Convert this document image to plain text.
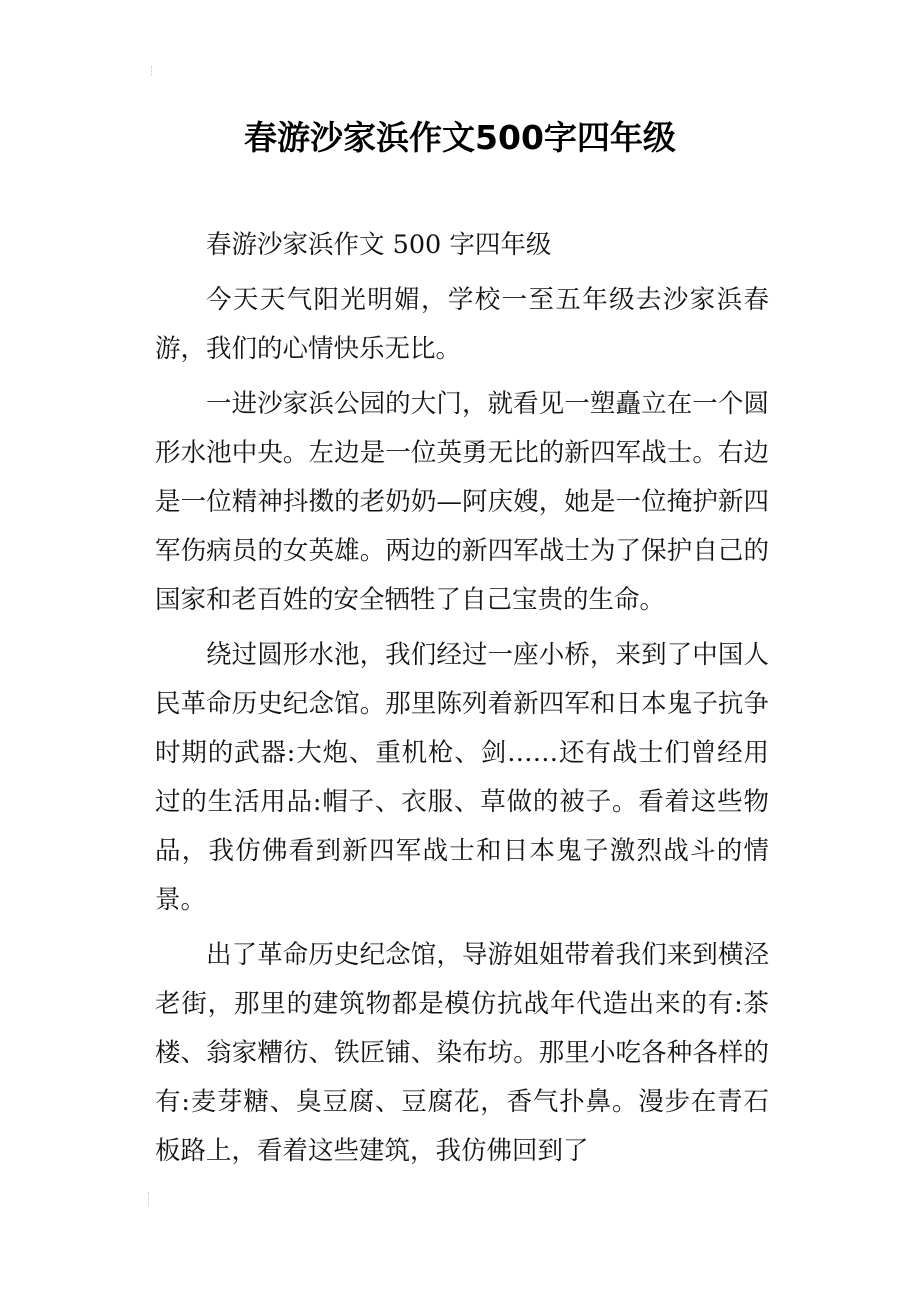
春游沙家浜作文500字四年级

春游沙家浜作文 500 字四年级

今天天气阳光明媚，学校一至五年级去沙家浜春游，我们的心情快乐无比。

一进沙家浜公园的大门，就看见一塑矗立在一个圆形水池中央。左边是一位英勇无比的新四军战士。右边是一位精神抖擞的老奶奶—阿庆嫂，她是一位掩护新四军伤病员的女英雄。两边的新四军战士为了保护自己的国家和老百姓的安全牺牲了自己宝贵的生命。

绕过圆形水池，我们经过一座小桥，来到了中国人民革命历史纪念馆。那里陈列着新四军和日本鬼子抗争时期的武器:大炮、重机枪、剑……还有战士们曾经用过的生活用品:帽子、衣服、草做的被子。看着这些物品，我仿佛看到新四军战士和日本鬼子激烈战斗的情景。

出了革命历史纪念馆，导游姐姐带着我们来到横泾老街，那里的建筑物都是模仿抗战年代造出来的有:茶楼、翁家糟彷、铁匠铺、染布坊。那里小吃各种各样的有:麦芽糖、臭豆腐、豆腐花，香气扑鼻。漫步在青石板路上，看着这些建筑，我仿佛回到了
